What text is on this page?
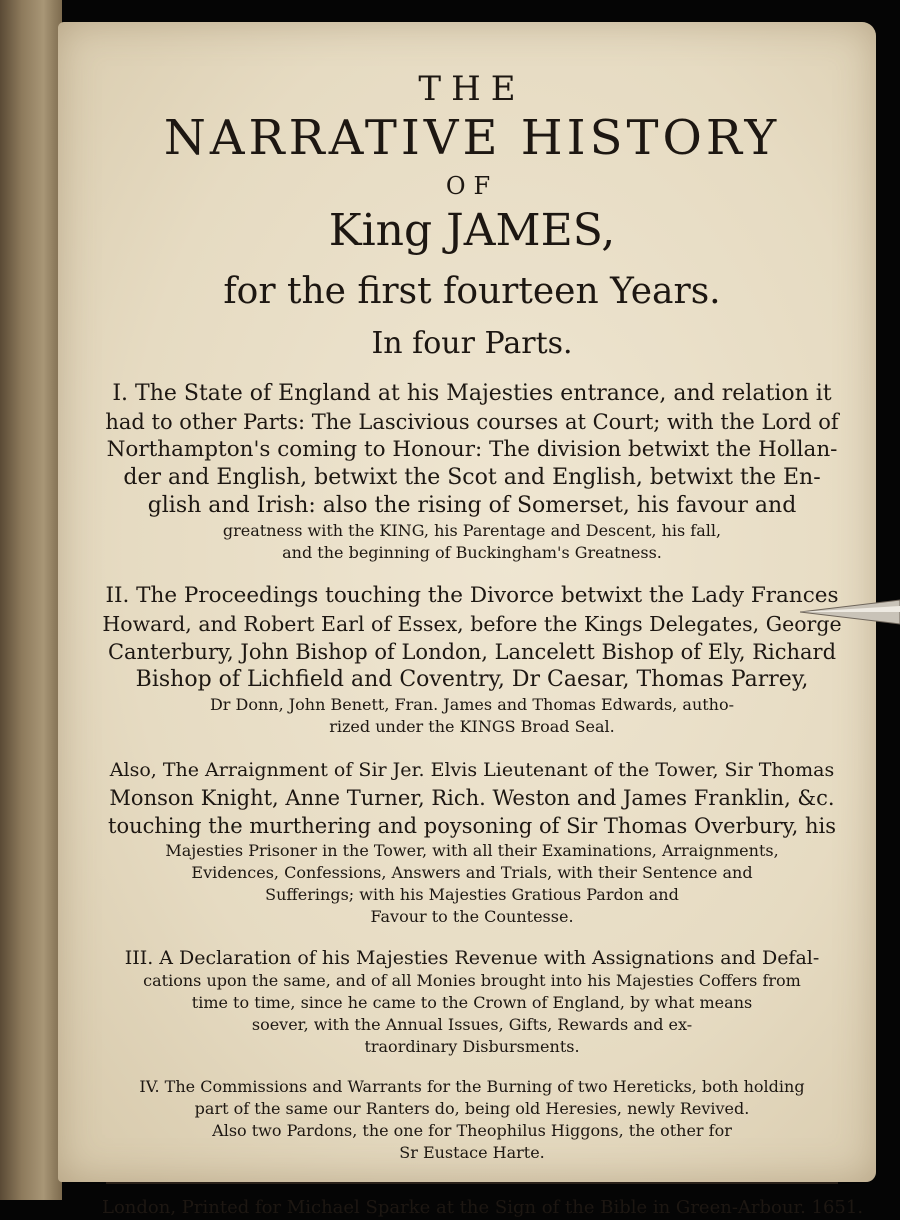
THE
NARRATIVE HISTORY
OF
King JAMES,
for the first fourteen Years.
In four Parts.
I. The State of England at his Majesties entrance, and relation it
had to other Parts: The Lascivious courses at Court; with the Lord of
Northampton's coming to Honour: The division betwixt the Hollan-
der and English, betwixt the Scot and English, betwixt the En-
glish and Irish: also the rising of Somerset, his favour and
greatness with the KING, his Parentage and Descent, his fall,
and the beginning of Buckingham's Greatness.
II. The Proceedings touching the Divorce betwixt the Lady Frances
Howard, and Robert Earl of Essex, before the Kings Delegates, George
Canterbury, John Bishop of London, Lancelett Bishop of Ely, Richard
Bishop of Lichfield and Coventry, Dr Caesar, Thomas Parrey,
Dr Donn, John Benett, Fran. James and Thomas Edwards, autho-
rized under the KINGS Broad Seal.
Also, The Arraignment of Sir Jer. Elvis Lieutenant of the Tower, Sir Thomas
Monson Knight, Anne Turner, Rich. Weston and James Franklin, &c.
touching the murthering and poysoning of Sir Thomas Overbury, his
Majesties Prisoner in the Tower, with all their Examinations, Arraignments,
Evidences, Confessions, Answers and Trials, with their Sentence and
Sufferings; with his Majesties Gratious Pardon and
Favour to the Countesse.
III. A Declaration of his Majesties Revenue with Assignations and Defal-
cations upon the same, and of all Monies brought into his Majesties Coffers from
time to time, since he came to the Crown of England, by what means
soever, with the Annual Issues, Gifts, Rewards and ex-
traordinary Disbursments.
IV. The Commissions and Warrants for the Burning of two Hereticks, both holding
part of the same our Ranters do, being old Heresies, newly Revived.
Also two Pardons, the one for Theophilus Higgons, the other for
Sr Eustace Harte.
London, Printed for Michael Sparke at the Sign of the Bible in Green-Arbour. 1651.
